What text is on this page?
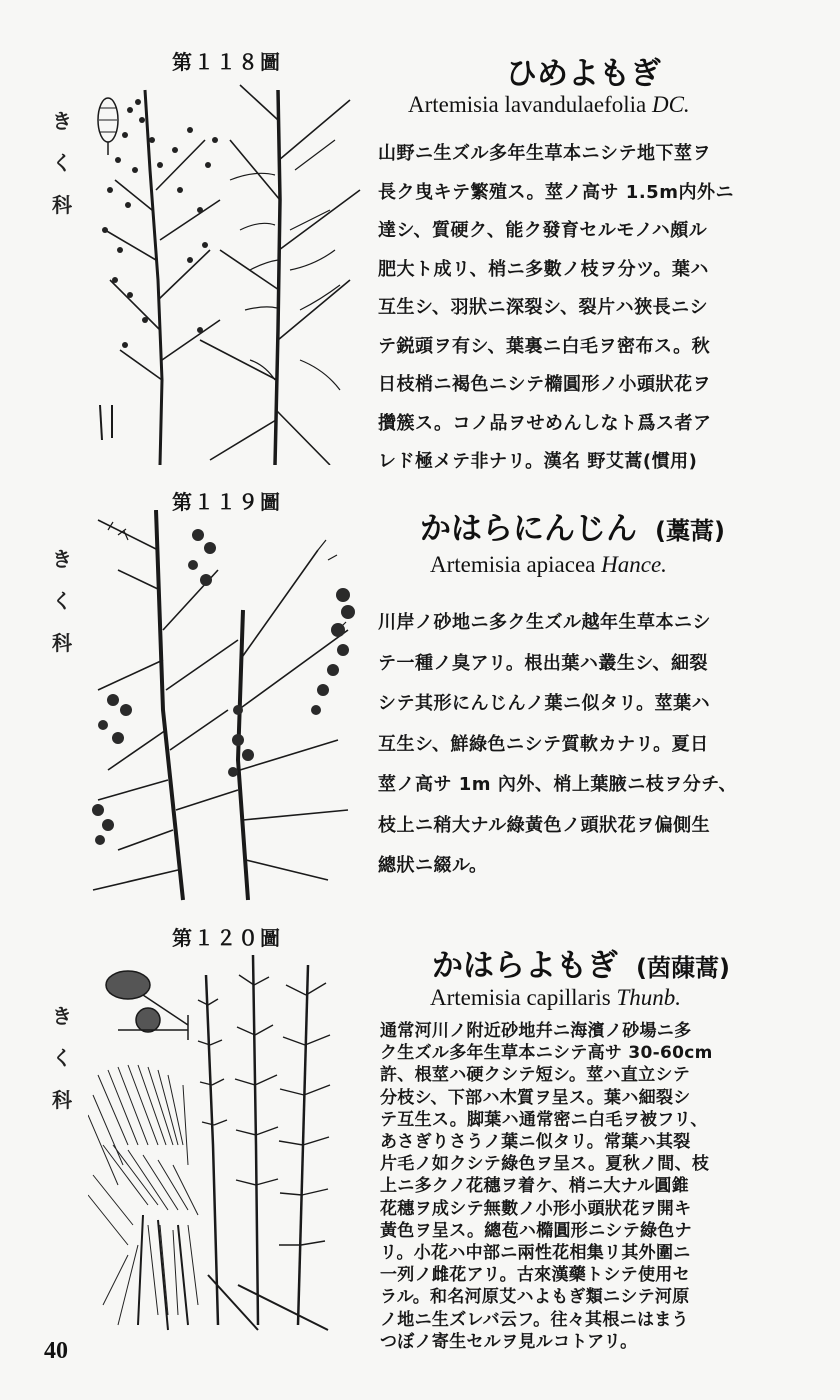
第１１８圖
き
く
科
ひめよもぎ
Artemisia lavandulaefolia DC.
山野ニ生ズル多年生草本ニシテ地下莖ヲ
長ク曳キテ繁殖ス。莖ノ高サ 1.5m内外ニ
達シ、質硬ク、能ク發育セルモノハ頗ル
肥大ト成リ、梢ニ多數ノ枝ヲ分ツ。葉ハ
互生シ、羽狀ニ深裂シ、裂片ハ狹長ニシ
テ鋭頭ヲ有シ、葉裏ニ白毛ヲ密布ス。秋
日枝梢ニ褐色ニシテ橢圓形ノ小頭狀花ヲ
攢簇ス。コノ品ヲせめんしなト爲ス者ア
レド極メテ非ナリ。漢名 野艾蒿(慣用)
第１１９圖
き
く
科
かはらにんじん (藁蒿)
Artemisia apiacea Hance.
川岸ノ砂地ニ多ク生ズル越年生草本ニシ
テ一種ノ臭アリ。根出葉ハ叢生シ、細裂
シテ其形にんじんノ葉ニ似タリ。莖葉ハ
互生シ、鮮綠色ニシテ質軟カナリ。夏日
莖ノ高サ 1m 內外、梢上葉腋ニ枝ヲ分チ、
枝上ニ稍大ナル綠黃色ノ頭狀花ヲ偏側生
總狀ニ綴ル。
第１２０圖
き
く
科
かはらよもぎ (茵蔯蒿)
Artemisia capillaris Thunb.
通常河川ノ附近砂地幷ニ海濱ノ砂場ニ多
ク生ズル多年生草本ニシテ高サ 30-60cm
許、根莖ハ硬クシテ短シ。莖ハ直立シテ
分枝シ、下部ハ木質ヲ呈ス。葉ハ細裂シ
テ互生ス。脚葉ハ通常密ニ白毛ヲ被フリ、
あさぎりさうノ葉ニ似タリ。常葉ハ其裂
片毛ノ如クシテ綠色ヲ呈ス。夏秋ノ間、枝
上ニ多クノ花穗ヲ着ケ、梢ニ大ナル圓錐
花穗ヲ成シテ無數ノ小形小頭狀花ヲ開キ
黃色ヲ呈ス。總苞ハ橢圓形ニシテ綠色ナ
リ。小花ハ中部ニ兩性花相集リ其外圍ニ
一列ノ雌花アリ。古來漢藥トシテ使用セ
ラル。和名河原艾ハよもぎ類ニシテ河原
ノ地ニ生ズレバ云フ。往々其根ニはまう
つぼノ寄生セルヲ見ルコトアリ。
40
